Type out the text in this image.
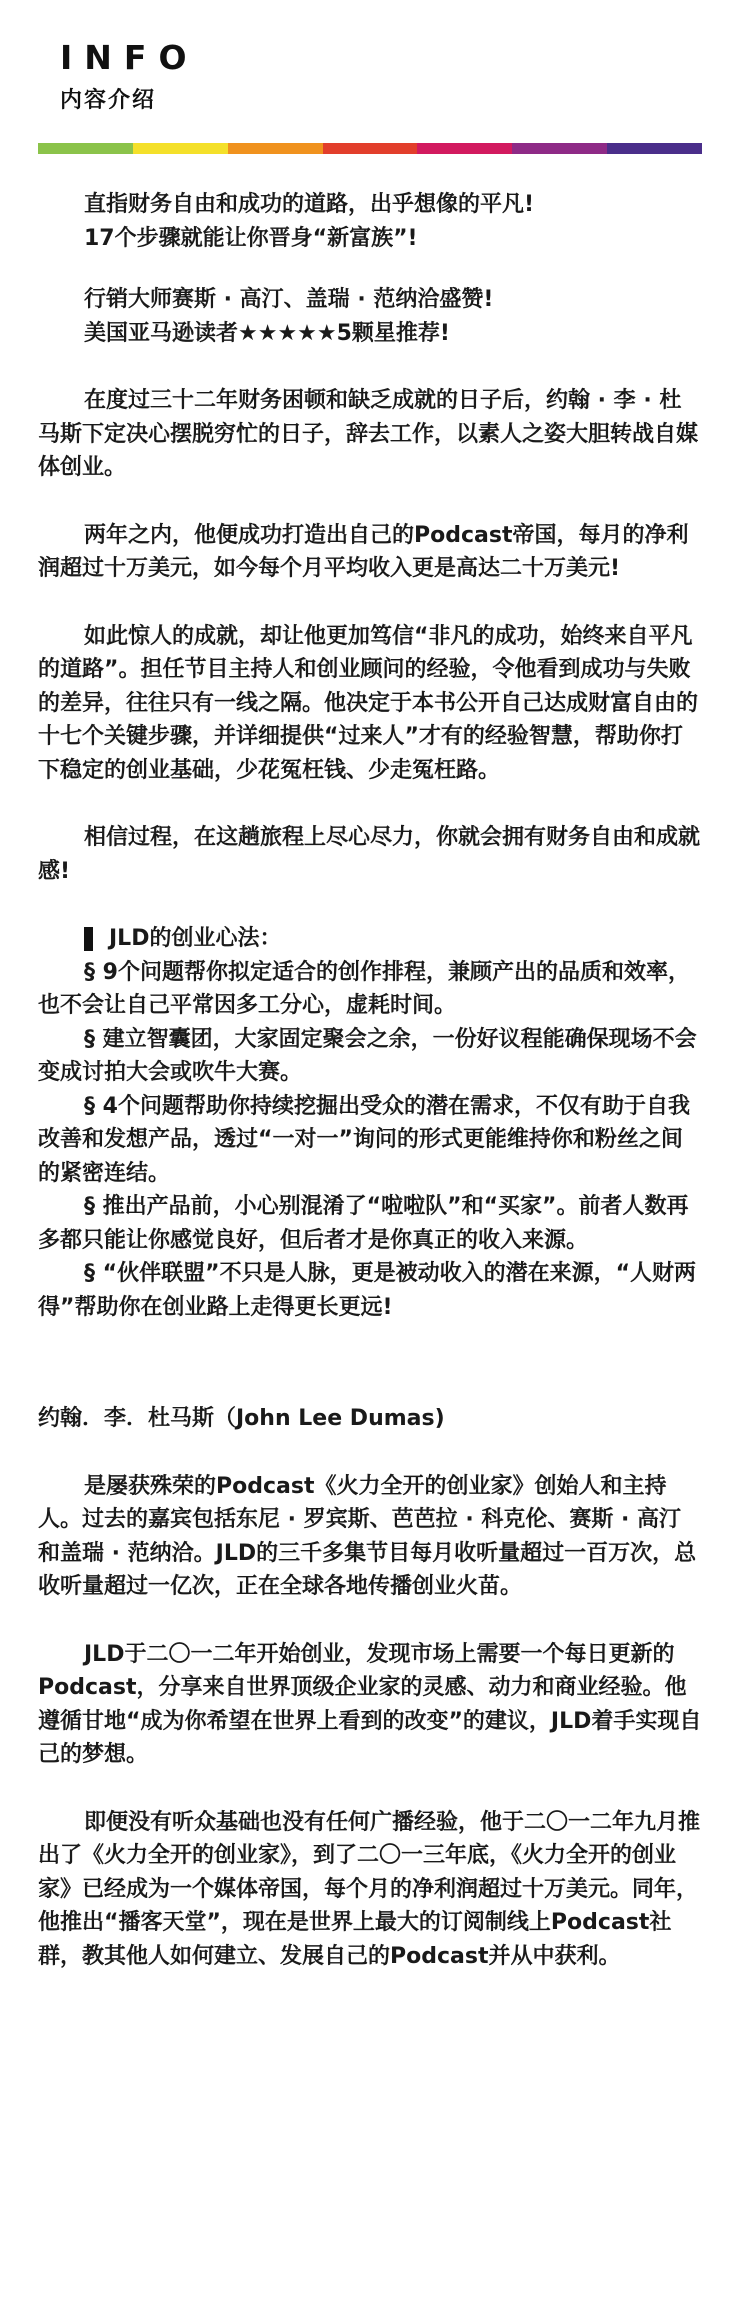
INFO
内容介绍

直指财务自由和成功的道路，出乎想像的平凡!

17个步骤就能让你晋身“新富族”!

行销大师赛斯 · 高汀、盖瑞 · 范纳洽盛赞!

美国亚马逊读者★★★★★5颗星推荐!

在度过三十二年财务困顿和缺乏成就的日子后，约翰 · 李 · 杜马斯下定决心摆脱穷忙的日子，辞去工作，以素人之姿大胆转战自媒体创业。

两年之内，他便成功打造出自己的Podcast帝国，每月的净利润超过十万美元，如今每个月平均收入更是高达二十万美元!

如此惊人的成就，却让他更加笃信“非凡的成功，始终来自平凡的道路”。担任节目主持人和创业顾问的经验，令他看到成功与失败的差异，往往只有一线之隔。他决定于本书公开自己达成财富自由的十七个关键步骤，并详细提供“过来人”才有的经验智慧，帮助你打下稳定的创业基础，少花冤枉钱、少走冤枉路。

相信过程，在这趟旅程上尽心尽力，你就会拥有财务自由和成就感!

JLD的创业心法：

§ 9个问题帮你拟定适合的创作排程，兼顾产出的品质和效率，也不会让自己平常因多工分心，虚耗时间。

§ 建立智囊团，大家固定聚会之余，一份好议程能确保现场不会变成讨拍大会或吹牛大赛。

§ 4个问题帮助你持续挖掘出受众的潜在需求，不仅有助于自我改善和发想产品，透过“一对一”询问的形式更能维持你和粉丝之间的紧密连结。

§ 推出产品前，小心别混淆了“啦啦队”和“买家”。前者人数再多都只能让你感觉良好，但后者才是你真正的收入来源。

§ “伙伴联盟”不只是人脉，更是被动收入的潜在来源，“人财两得”帮助你在创业路上走得更长更远!

约翰．李．杜马斯（John Lee Dumas)

是屡获殊荣的Podcast《火力全开的创业家》创始人和主持人。过去的嘉宾包括东尼 · 罗宾斯、芭芭拉 · 科克伦、赛斯 · 高汀和盖瑞 · 范纳洽。JLD的三千多集节目每月收听量超过一百万次，总收听量超过一亿次，正在全球各地传播创业火苗。

JLD于二〇一二年开始创业，发现市场上需要一个每日更新的Podcast，分享来自世界顶级企业家的灵感、动力和商业经验。他遵循甘地“成为你希望在世界上看到的改变”的建议，JLD着手实现自己的梦想。

即便没有听众基础也没有任何广播经验，他于二〇一二年九月推出了《火力全开的创业家》，到了二〇一三年底，《火力全开的创业家》已经成为一个媒体帝国，每个月的净利润超过十万美元。同年，他推出“播客天堂”，现在是世界上最大的订阅制线上Podcast社群，教其他人如何建立、发展自己的Podcast并从中获利。
